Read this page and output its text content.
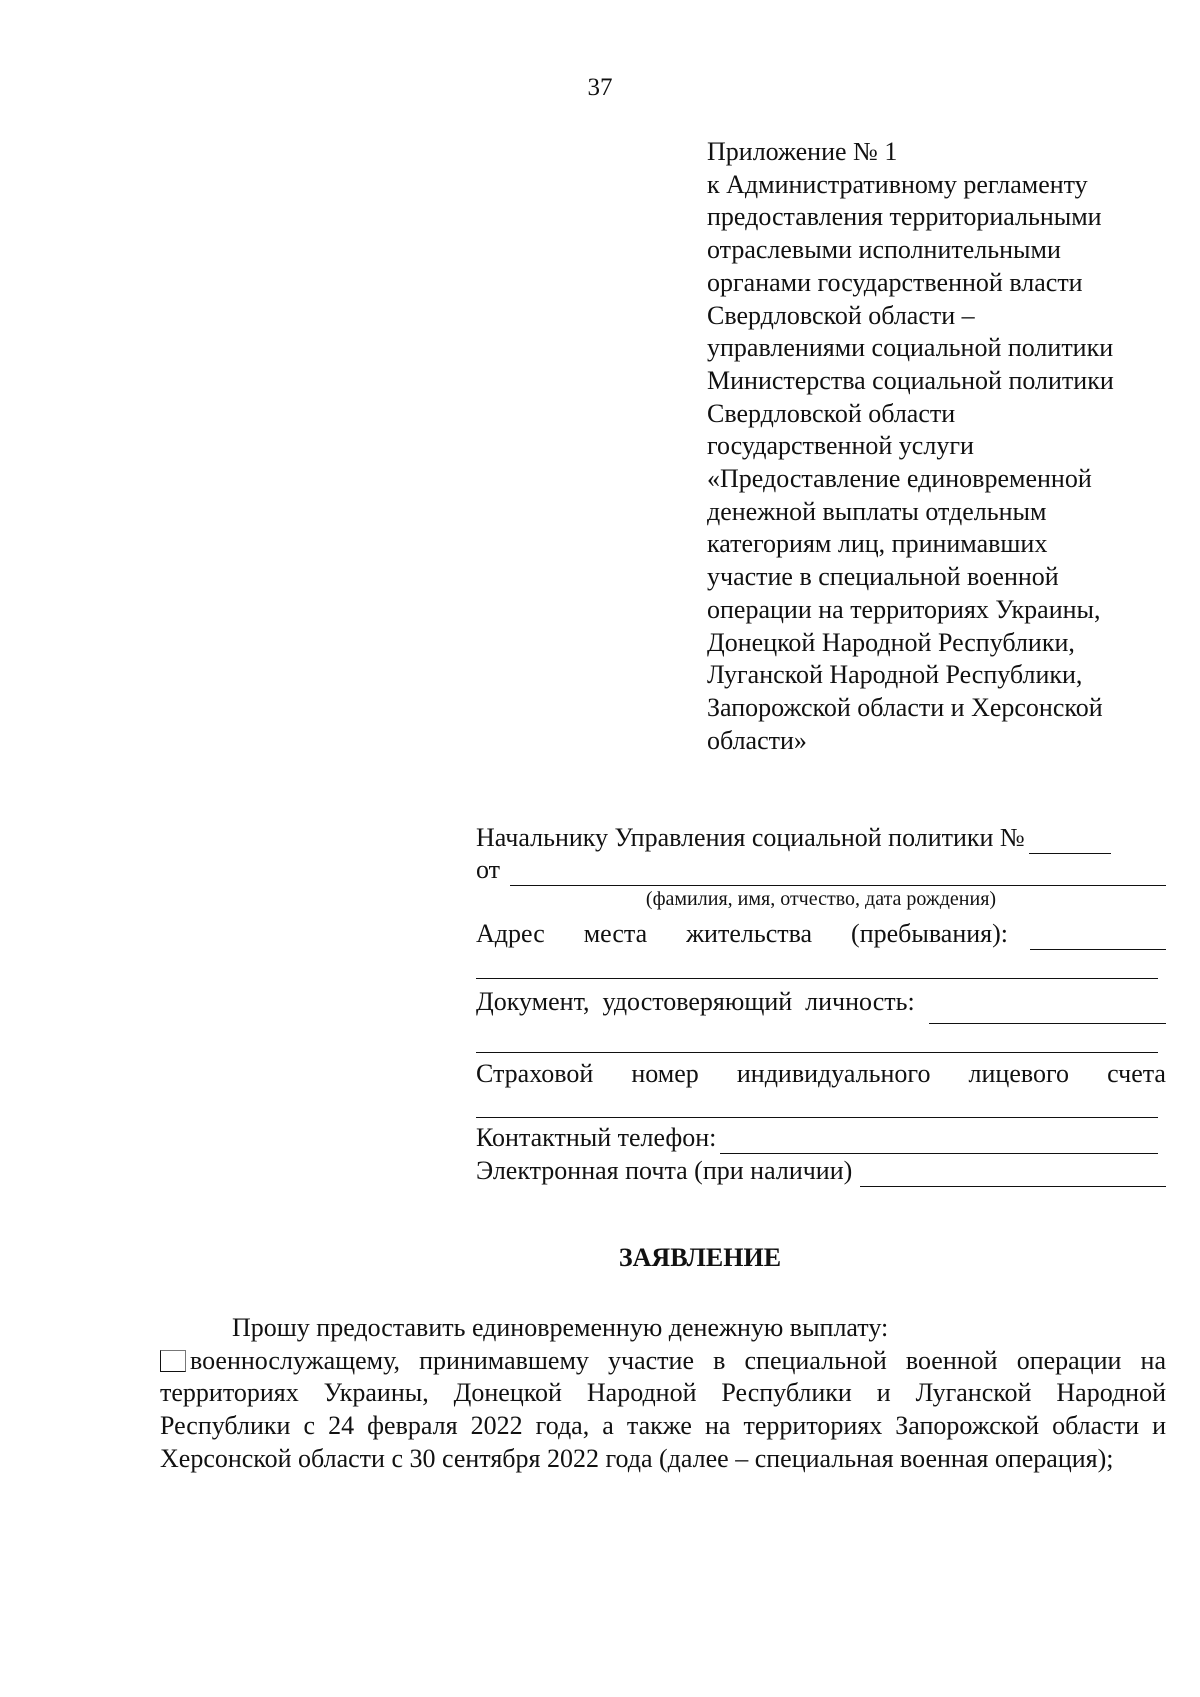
37
Приложение № 1
к Административному регламенту
предоставления территориальными
отраслевыми исполнительными
органами государственной власти
Свердловской области –
управлениями социальной политики
Министерства социальной политики
Свердловской области
государственной услуги
«Предоставление единовременной
денежной выплаты отдельным
категориям лиц, принимавших
участие в специальной военной
операции на территориях Украины,
Донецкой Народной Республики,
Луганской Народной Республики,
Запорожской области и Херсонской
области»
Начальнику Управления социальной политики №
от
(фамилия, имя, отчество, дата рождения)
Адрес места жительства (пребывания):
Документ,  удостоверяющий  личность:
Страховой номер индивидуального лицевого счета
Контактный телефон:
Электронная почта (при наличии)
ЗАЯВЛЕНИЕ
Прошу предоставить единовременную денежную выплату:
военнослужащему, принимавшему участие в специальной военной операции на территориях Украины, Донецкой Народной Республики и Луганской Народной Республики с 24 февраля 2022 года, а также на территориях Запорожской области и Херсонской области с 30 сентября 2022 года (далее – специальная военная операция);
